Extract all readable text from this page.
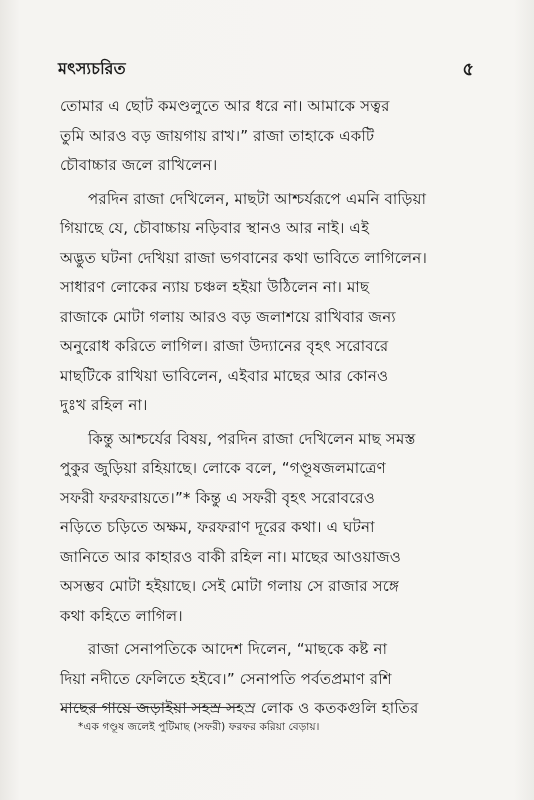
মৎস্যচরিত	৫
তোমার এ ছোট কমণ্ডলুতে আর ধরে না। আমাকে সত্বর
তুমি আরও বড় জায়গায় রাখ।” রাজা তাহাকে একটি
চৌবাচ্চার জলে রাখিলেন।
পরদিন রাজা দেখিলেন, মাছটা আশ্চর্যরূপে এমনি বাড়িয়া
গিয়াছে যে, চৌবাচ্চায় নড়িবার স্থানও আর নাই। এই
অদ্ভুত ঘটনা দেখিয়া রাজা ভগবানের কথা ভাবিতে লাগিলেন।
সাধারণ লোকের ন্যায় চঞ্চল হইয়া উঠিলেন না। মাছ
রাজাকে মোটা গলায় আরও বড় জলাশয়ে রাখিবার জন্য
অনুরোধ করিতে লাগিল। রাজা উদ্যানের বৃহৎ সরোবরে
মাছটিকে রাখিয়া ভাবিলেন, এইবার মাছের আর কোনও
দুঃখ রহিল না।
কিন্তু আশ্চর্যের বিষয়, পরদিন রাজা দেখিলেন মাছ সমস্ত
পুকুর জুড়িয়া রহিয়াছে। লোকে বলে, “গণ্ডূষজলমাত্রেণ
সফরী ফরফরায়তে।”* কিন্তু এ সফরী বৃহৎ সরোবরেও
নড়িতে চড়িতে অক্ষম, ফরফরাণ দূরের কথা। এ ঘটনা
জানিতে আর কাহারও বাকী রহিল না। মাছের আওয়াজও
অসম্ভব মোটা হইয়াছে। সেই মোটা গলায় সে রাজার সঙ্গে
কথা কহিতে লাগিল।
রাজা সেনাপতিকে আদেশ দিলেন, “মাছকে কষ্ট না
দিয়া নদীতে ফেলিতে হইবে।” সেনাপতি পর্বতপ্রমাণ রশি
মাছের গায়ে জড়াইয়া সহস্র সহস্র লোক ও কতকগুলি হাতির
*এক গণ্ডূষ জলেই পুটিমাছ (সফরী) ফরফর করিয়া বেড়ায়।
